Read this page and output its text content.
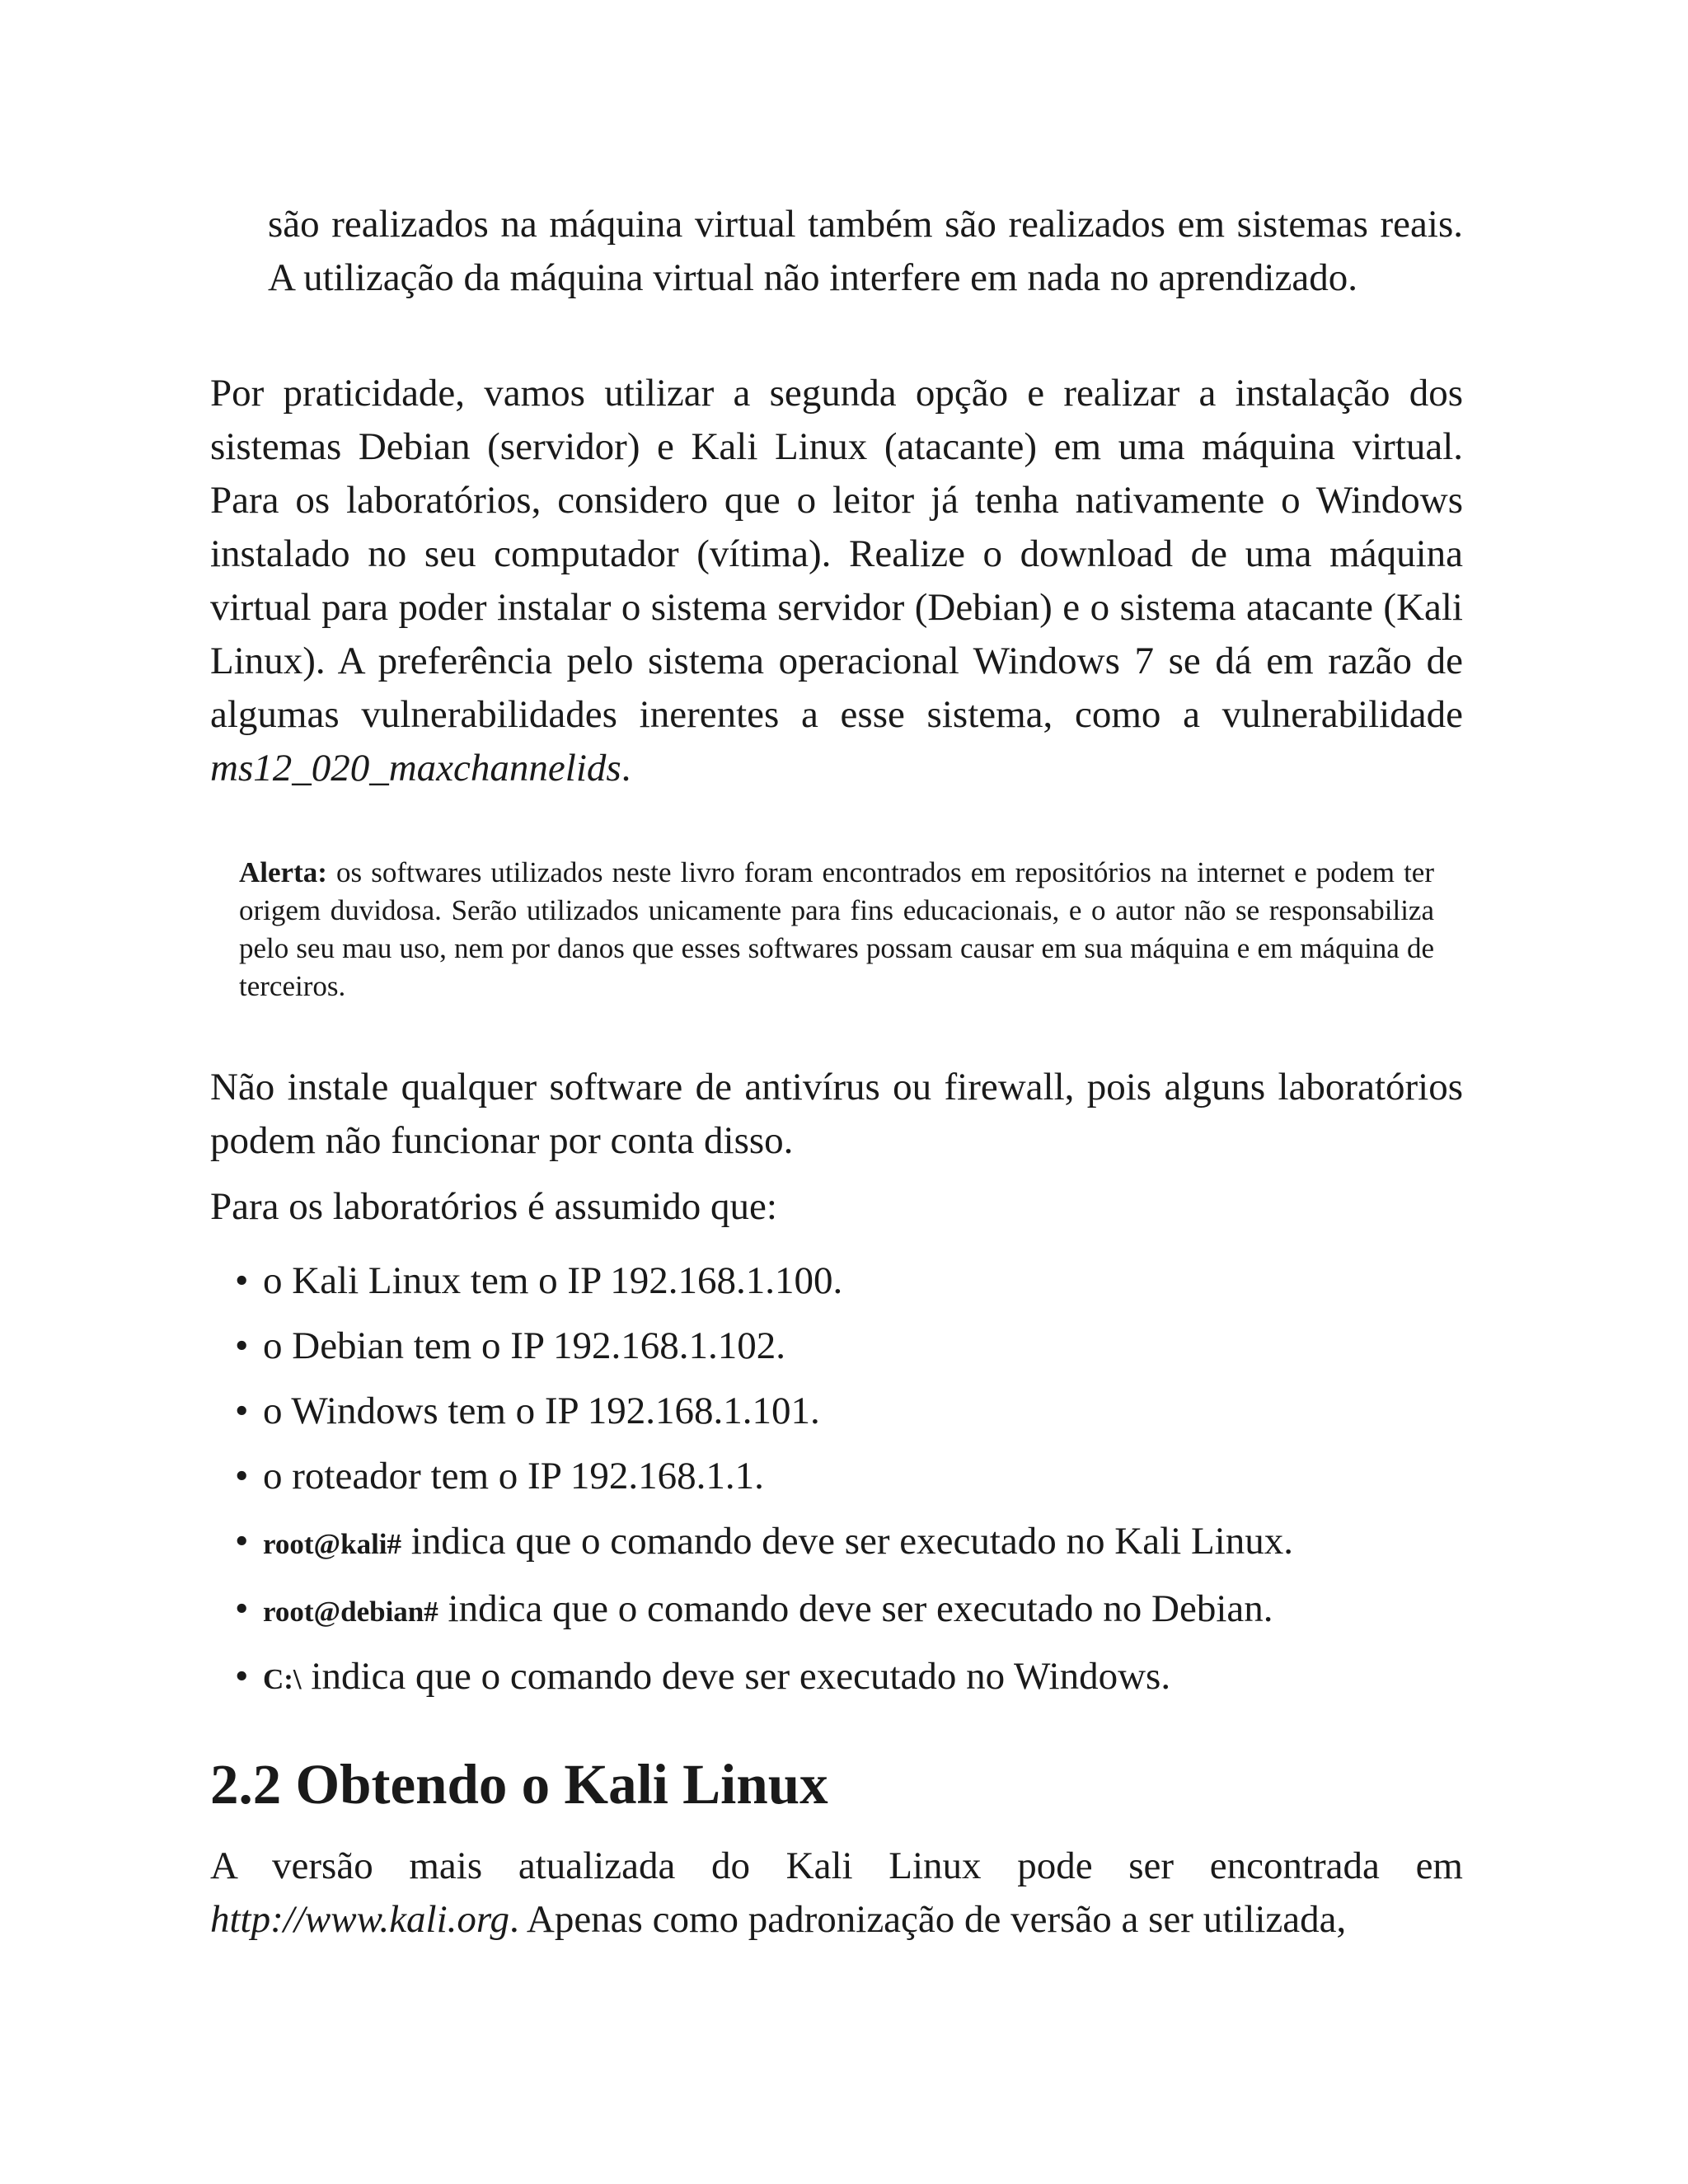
são realizados na máquina virtual também são realizados em sistemas reais. A utilização da máquina virtual não interfere em nada no aprendizado.

Por praticidade, vamos utilizar a segunda opção e realizar a instalação dos sistemas Debian (servidor) e Kali Linux (atacante) em uma máquina virtual. Para os laboratórios, considero que o leitor já tenha nativamente o Windows instalado no seu computador (vítima). Realize o download de uma máquina virtual para poder instalar o sistema servidor (Debian) e o sistema atacante (Kali Linux). A preferência pelo sistema operacional Windows 7 se dá em razão de algumas vulnerabilidades inerentes a esse sistema, como a vulnerabilidade ms12_020_maxchannelids.

Alerta: os softwares utilizados neste livro foram encontrados em repositórios na internet e podem ter origem duvidosa. Serão utilizados unicamente para fins educacionais, e o autor não se responsabiliza pelo seu mau uso, nem por danos que esses softwares possam causar em sua máquina e em máquina de terceiros.

Não instale qualquer software de antivírus ou firewall, pois alguns laboratórios podem não funcionar por conta disso.

Para os laboratórios é assumido que:

• o Kali Linux tem o IP 192.168.1.100.
• o Debian tem o IP 192.168.1.102.
• o Windows tem o IP 192.168.1.101.
• o roteador tem o IP 192.168.1.1.
• root@kali# indica que o comando deve ser executado no Kali Linux.
• root@debian# indica que o comando deve ser executado no Debian.
• C:\ indica que o comando deve ser executado no Windows.
2.2 Obtendo o Kali Linux

A versão mais atualizada do Kali Linux pode ser encontrada em http://www.kali.org. Apenas como padronização de versão a ser utilizada,
